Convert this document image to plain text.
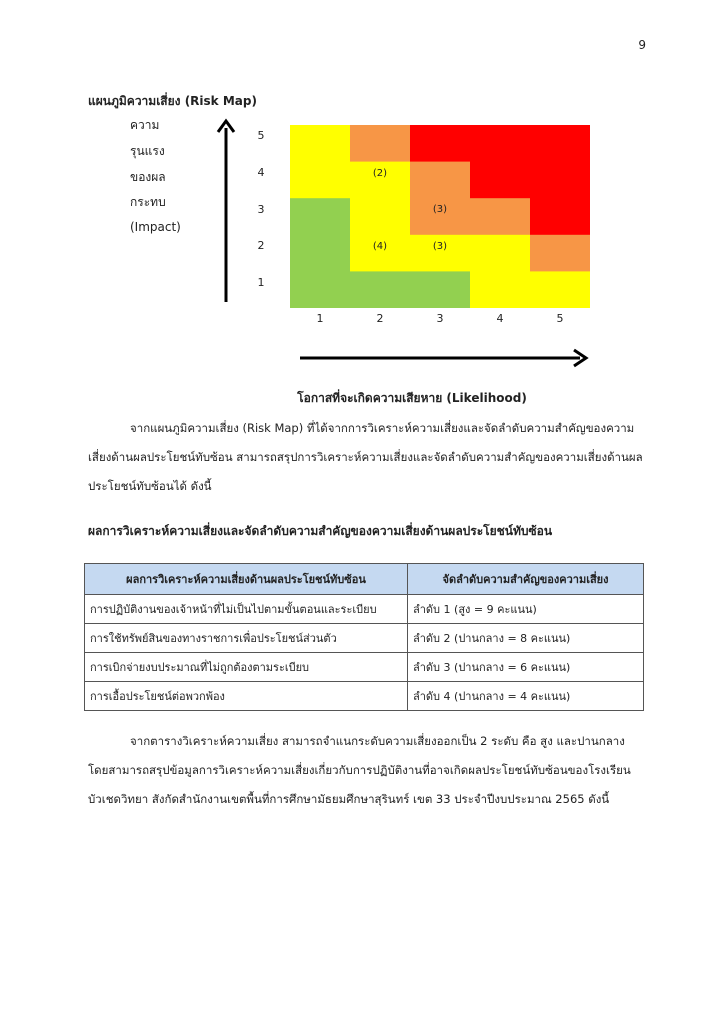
9
แผนภูมิความเสี่ยง (Risk Map)
ความ
รุนแรง
ของผล
กระทบ
(Impact)
5
4
3
2
1
(2)
(3)
(4)	(3)
1	2	3	4	5
โอกาสที่จะเกิดความเสียหาย (Likelihood)
จากแผนภูมิความเสี่ยง (Risk Map) ที่ได้จากการวิเคราะห์ความเสี่ยงและจัดลำดับความสำคัญของความเสี่ยงด้านผลประโยชน์ทับซ้อน สามารถสรุปการวิเคราะห์ความเสี่ยงและจัดลำดับความสำคัญของความเสี่ยงด้านผลประโยชน์ทับซ้อนได้ ดังนี้
ผลการวิเคราะห์ความเสี่ยงและจัดลำดับความสำคัญของความเสี่ยงด้านผลประโยชน์ทับซ้อน
ผลการวิเคราะห์ความเสี่ยงด้านผลประโยชน์ทับซ้อน	จัดลำดับความสำคัญของความเสี่ยง
การปฏิบัติงานของเจ้าหน้าที่ไม่เป็นไปตามขั้นตอนและระเบียบ	ลำดับ 1 (สูง = 9 คะแนน)
การใช้ทรัพย์สินของทางราชการเพื่อประโยชน์ส่วนตัว	ลำดับ 2 (ปานกลาง = 8 คะแนน)
การเบิกจ่ายงบประมาณที่ไม่ถูกต้องตามระเบียบ	ลำดับ 3 (ปานกลาง = 6 คะแนน)
การเอื้อประโยชน์ต่อพวกพ้อง	ลำดับ 4 (ปานกลาง = 4 คะแนน)
จากตารางวิเคราะห์ความเสี่ยง สามารถจำแนกระดับความเสี่ยงออกเป็น 2 ระดับ คือ สูง และปานกลาง โดยสามารถสรุปข้อมูลการวิเคราะห์ความเสี่ยงเกี่ยวกับการปฏิบัติงานที่อาจเกิดผลประโยชน์ทับซ้อนของโรงเรียนบัวเชดวิทยา สังกัดสำนักงานเขตพื้นที่การศึกษามัธยมศึกษาสุรินทร์ เขต 33 ประจำปีงบประมาณ 2565 ดังนี้
